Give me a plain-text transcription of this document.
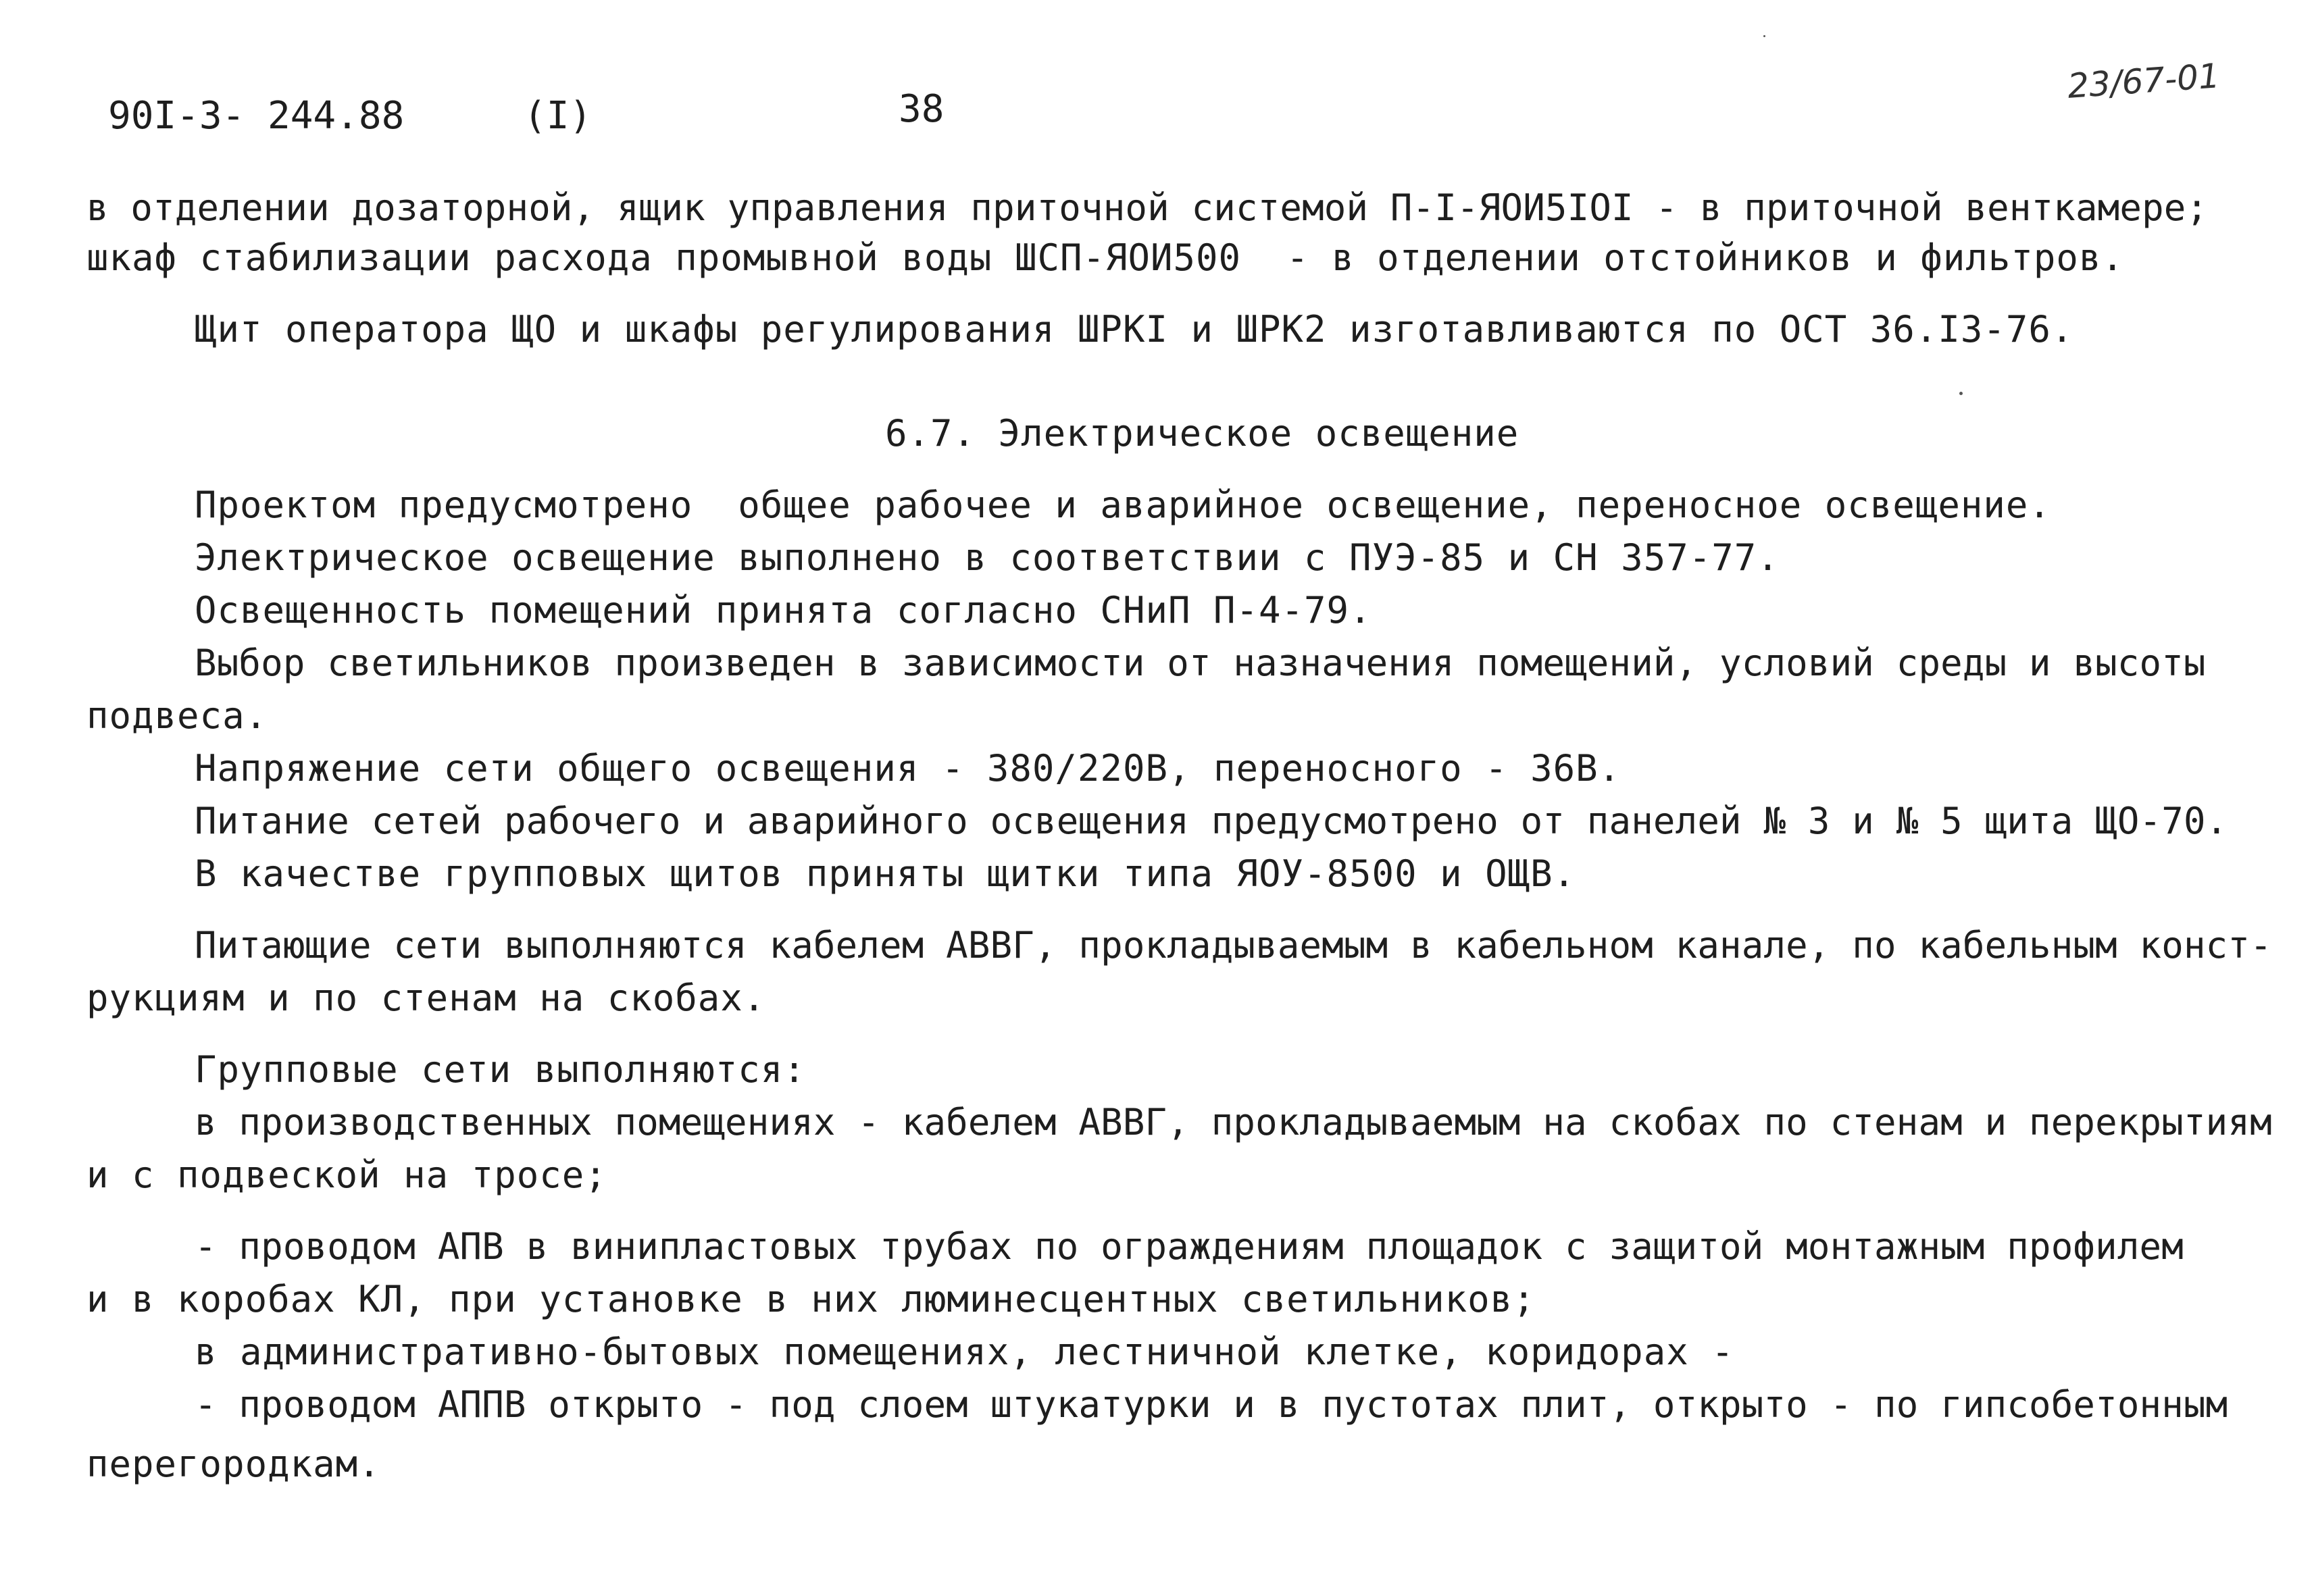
90I-3- 244.88	(I)	38
23/67-01
в отделении дозаторной, ящик управления приточной системой П-I-ЯОИ5IOI - в приточной венткамере;
шкаф стабилизации расхода промывной воды ШСП-ЯОИ500  - в отделении отстойников и фильтров.
Щит оператора ЩО и шкафы регулирования ШРКI и ШРК2 изготавливаются по ОСТ 36.I3-76.
6.7. Электрическое освещение
Проектом предусмотрено  общее рабочее и аварийное освещение, переносное освещение.
Электрическое освещение выполнено в соответствии с ПУЭ-85 и СН 357-77.
Освещенность помещений принята согласно СНиП П-4-79.
Выбор светильников произведен в зависимости от назначения помещений, условий среды и высоты
подвеса.
Напряжение сети общего освещения - 380/220В, переносного - 36В.
Питание сетей рабочего и аварийного освещения предусмотрено от панелей № 3 и № 5 щита ЩО-70.
В качестве групповых щитов приняты щитки типа ЯОУ-8500 и ОЩВ.
Питающие сети выполняются кабелем АВВГ, прокладываемым в кабельном канале, по кабельным конст-
рукциям и по стенам на скобах.
Групповые сети выполняются:
в производственных помещениях - кабелем АВВГ, прокладываемым на скобах по стенам и перекрытиям
и с подвеской на тросе;
- проводом АПВ в винипластовых трубах по ограждениям площадок с защитой монтажным профилем
и в коробах КЛ, при установке в них люминесцентных светильников;
в административно-бытовых помещениях, лестничной клетке, коридорах -
- проводом АППВ открыто - под слоем штукатурки и в пустотах плит, открыто - по гипсобетонным
перегородкам.
